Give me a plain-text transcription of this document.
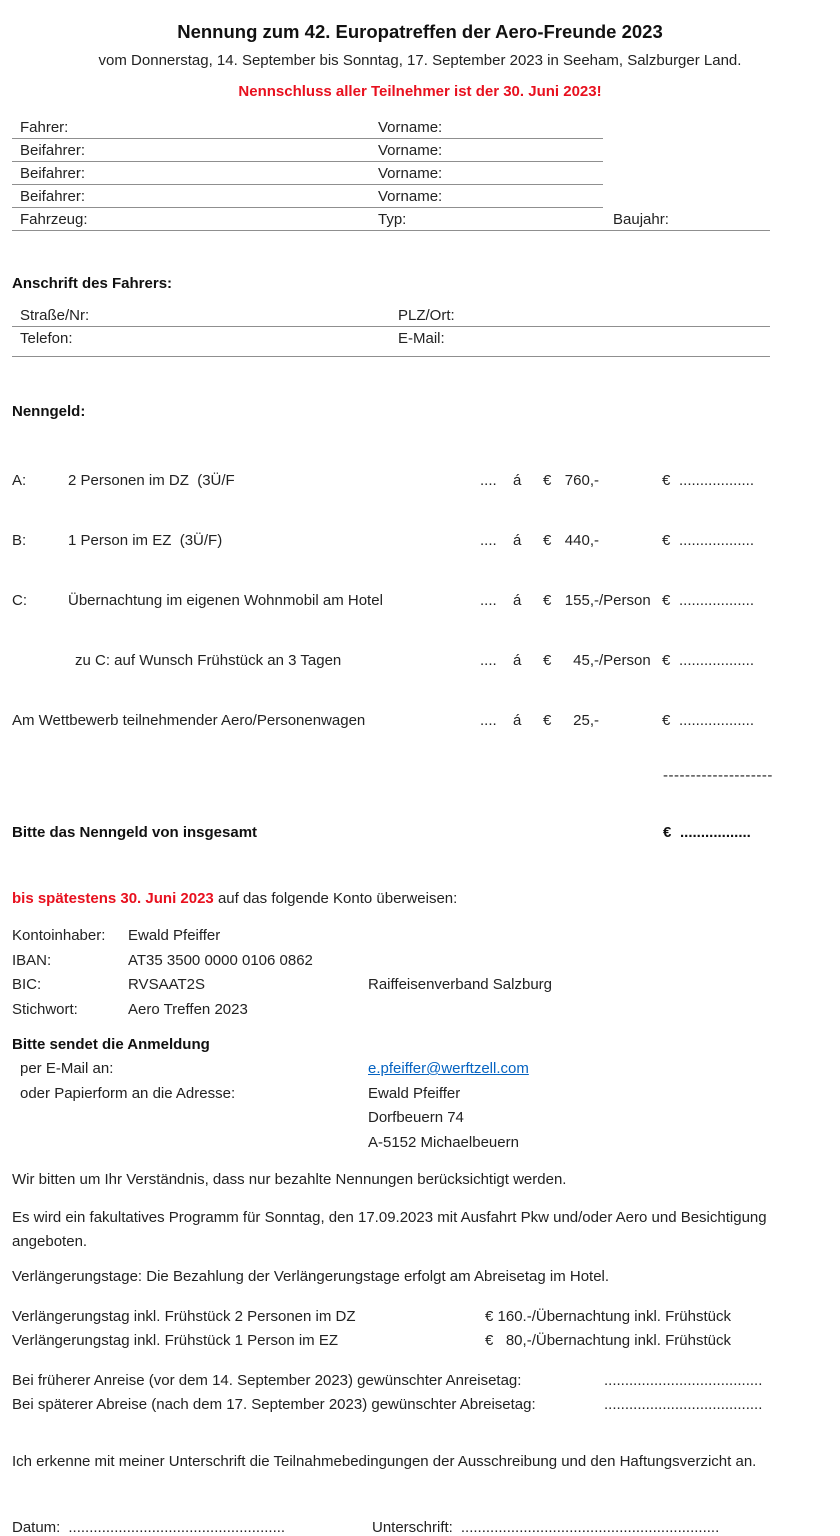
Nennung zum 42. Europatreffen der Aero-Freunde 2023
vom Donnerstag, 14. September bis Sonntag, 17. September 2023 in Seeham, Salzburger Land.
Nennschluss aller Teilnehmer ist der 30. Juni 2023!
Fahrer:	Vorname:
Beifahrer:	Vorname:
Beifahrer:	Vorname:
Beifahrer:	Vorname:
Fahrzeug:	Typ:	Baujahr:
Anschrift des Fahrers:
Straße/Nr:	PLZ/Ort:
Telefon:	E-Mail:
Nenngeld:

A:	2 Personen im DZ  (3Ü/F	....	á	€ 760,-	€ ..................

B:	1 Person im EZ  (3Ü/F)	....	á	€ 440,-	€ ..................

C:	Übernachtung im eigenen Wohnmobil am Hotel	....	á	€ 155,- /Person € ..................

zu C: auf Wunsch Frühstück an 3 Tagen	....	á	€	45,- /Person € ..................

Am Wettbewerb teilnehmender Aero/Personenwagen	....	á	€	25,-	€ ..................

--------------------

Bitte das Nenngeld von insgesamt	€ .................

bis spätestens 30. Juni 2023 auf das folgende Konto überweisen:
Kontoinhaber:	Ewald Pfeiffer
IBAN:	AT35 3500 0000 0106 0862
BIC:	RVSAAT2S	Raiffeisenverband Salzburg
Stichwort:	Aero Treffen 2023
Bitte sendet die Anmeldung
per E-Mail an:	e.pfeiffer@werftzell.com
oder Papierform an die Adresse:	Ewald Pfeiffer
Dorfbeuern 74
A-5152 Michaelbeuern

Wir bitten um Ihr Verständnis, dass nur bezahlte Nennungen berücksichtigt werden.

Es wird ein fakultatives Programm für Sonntag, den 17.09.2023 mit Ausfahrt Pkw und/oder Aero und Besichtigung angeboten.

Verlängerungstage: Die Bezahlung der Verlängerungstage erfolgt am Abreisetag im Hotel.

Verlängerungstag inkl. Frühstück 2 Personen im DZ	€ 160.-/Übernachtung inkl. Frühstück
Verlängerungstag inkl. Frühstück 1 Person im EZ	€   80,-/Übernachtung inkl. Frühstück
Bei früherer Anreise (vor dem 14. September 2023) gewünschter Anreisetag:	......................................
Bei späterer Abreise (nach dem 17. September 2023) gewünschter Abreisetag:	......................................

Ich erkenne mit meiner Unterschrift die Teilnahmebedingungen der Ausschreibung und den Haftungsverzicht an.

Datum: ....................................................	Unterschrift: ..............................................................
